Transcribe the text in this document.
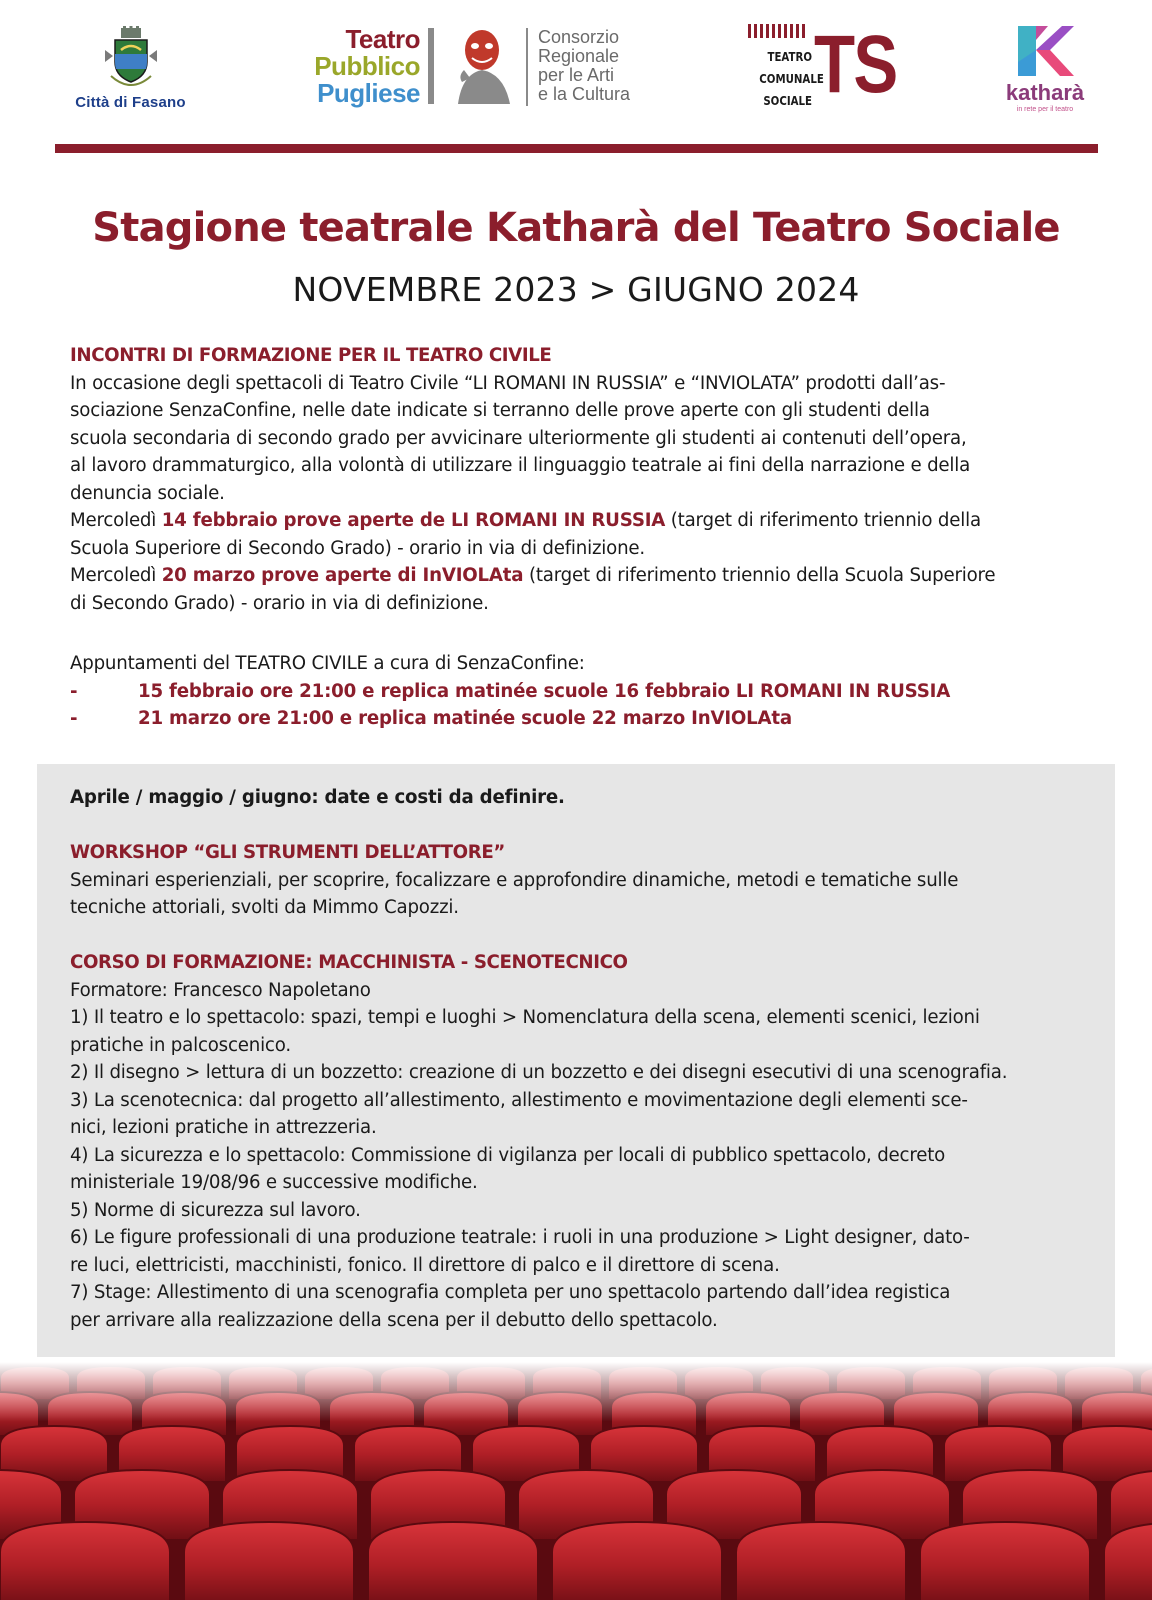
Città di Fasano
Teatro
Pubblico
Pugliese
Consorzio
Regionale
per le Arti
e la Cultura
TEATRO
COMUNALE
SOCIALE TS	katharà
in rete per il teatro
Stagione teatrale Katharà del Teatro Sociale
NOVEMBRE 2023 > GIUGNO 2024

INCONTRI DI FORMAZIONE PER IL TEATRO CIVILE

In occasione degli spettacoli di Teatro Civile “LI ROMANI IN RUSSIA” e “INVIOLATA” prodotti dall’as-

sociazione SenzaConfine, nelle date indicate si terranno delle prove aperte con gli studenti della

scuola secondaria di secondo grado per avvicinare ulteriormente gli studenti ai contenuti dell’opera,

al lavoro drammaturgico, alla volontà di utilizzare il linguaggio teatrale ai fini della narrazione e della

denuncia sociale.

Mercoledì 14 febbraio prove aperte de LI ROMANI IN RUSSIA (target di riferimento triennio della

Scuola Superiore di Secondo Grado) - orario in via di definizione.

Mercoledì 20 marzo prove aperte di InVIOLAta (target di riferimento triennio della Scuola Superiore

di Secondo Grado) - orario in via di definizione.

Appuntamenti del TEATRO CIVILE a cura di SenzaConfine:

-	15 febbraio ore 21:00 e replica matinée scuole 16 febbraio LI ROMANI IN RUSSIA
-	21 marzo ore 21:00 e replica matinée scuole 22 marzo InVIOLAta

Aprile / maggio / giugno: date e costi da definire.

WORKSHOP “GLI STRUMENTI DELL’ATTORE”

Seminari esperienziali, per scoprire, focalizzare e approfondire dinamiche, metodi e tematiche sulle

tecniche attoriali, svolti da Mimmo Capozzi.

CORSO DI FORMAZIONE: MACCHINISTA - SCENOTECNICO

Formatore: Francesco Napoletano

1) Il teatro e lo spettacolo: spazi, tempi e luoghi > Nomenclatura della scena, elementi scenici, lezioni

pratiche in palcoscenico.

2) Il disegno > lettura di un bozzetto: creazione di un bozzetto e dei disegni esecutivi di una scenografia.

3) La scenotecnica: dal progetto all’allestimento, allestimento e movimentazione degli elementi sce-

nici, lezioni pratiche in attrezzeria.

4) La sicurezza e lo spettacolo: Commissione di vigilanza per locali di pubblico spettacolo, decreto

ministeriale 19/08/96 e successive modifiche.

5) Norme di sicurezza sul lavoro.

6) Le figure professionali di una produzione teatrale: i ruoli in una produzione > Light designer, dato-

re luci, elettricisti, macchinisti, fonico. Il direttore di palco e il direttore di scena.

7) Stage: Allestimento di una scenografia completa per uno spettacolo partendo dall’idea registica

per arrivare alla realizzazione della scena per il debutto dello spettacolo.
